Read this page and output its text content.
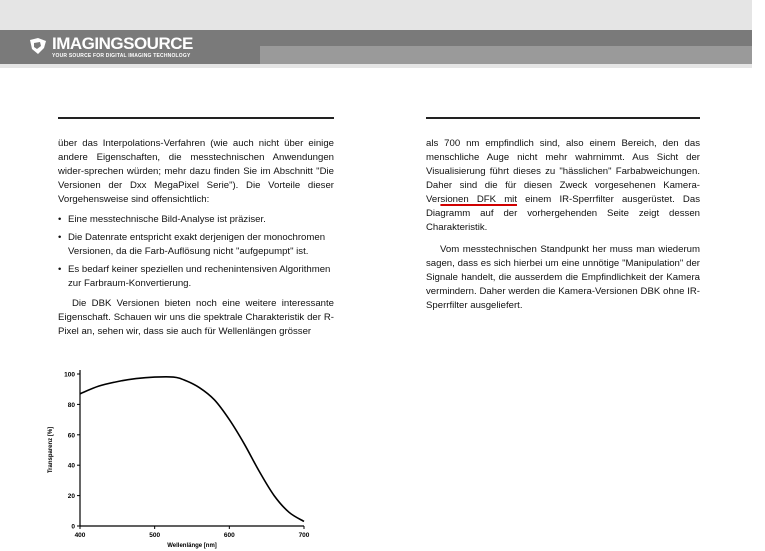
IMAGINGSOURCE
YOUR SOURCE FOR DIGITAL IMAGING TECHNOLOGY

über das Interpolations-Verfahren (wie auch nicht über einige andere Eigenschaften, die messtechnischen Anwendungen wider-sprechen würden; mehr dazu finden Sie im Abschnitt "Die Versionen der Dxx MegaPixel Serie"). Die Vorteile dieser Vorgehensweise sind offensichtlich:

• Eine messtechnische Bild-Analyse ist präziser.
• Die Datenrate entspricht exakt derjenigen der monochromen Versionen, da die Farb-Auflösung nicht "aufgepumpt" ist.
• Es bedarf keiner speziellen und rechenintensiven Algorithmen zur Farbraum-Konvertierung.

Die DBK Versionen bieten noch eine weitere interessante Eigenschaft. Schauen wir uns die spektrale Charakteristik der R-Pixel an, sehen wir, dass sie auch für Wellenlängen grösser

als 700 nm empfindlich sind, also einem Bereich, den das menschliche Auge nicht mehr wahrnimmt. Aus Sicht der Visualisierung führt dieses zu "hässlichen" Farbabweichungen. Daher sind die für diesen Zweck vorgesehenen Kamera-Versionen DFK mit einem IR-Sperrfilter ausgerüstet. Das Diagramm auf der vorhergehenden Seite zeigt dessen Charakteristik.

Vom messtechnischen Standpunkt her muss man wiederum sagen, dass es sich hierbei um eine unnötige "Manipulation" der Signale handelt, die ausserdem die Empfindlichkeit der Kamera vermindern. Daher werden die Kamera-Versionen DBK ohne IR-Sperrfilter ausgeliefert.

0
20
40
60
80
100
400	500	600	700
Transparenz [%]
Wellenlänge [nm]
